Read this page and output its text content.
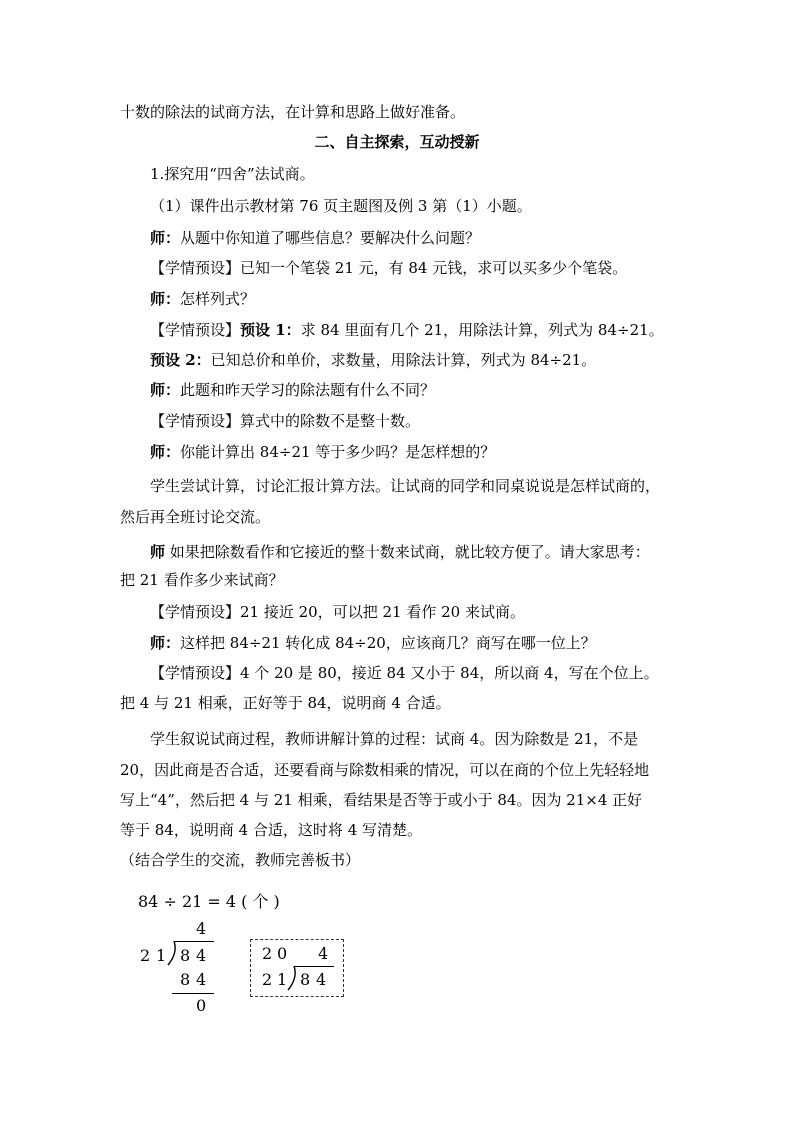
十数的除法的试商方法，在计算和思路上做好准备。
二、自主探索，互动授新
1.探究用“四舍”法试商。
（1）课件出示教材第 76 页主题图及例 3 第（1）小题。
师：从题中你知道了哪些信息？要解决什么问题？
【学情预设】已知一个笔袋 21 元，有 84 元钱，求可以买多少个笔袋。
师：怎样列式？
【学情预设】预设 1：求 84 里面有几个 21，用除法计算，列式为 84÷21。
预设 2：已知总价和单价，求数量，用除法计算，列式为 84÷21。
师：此题和昨天学习的除法题有什么不同？
【学情预设】算式中的除数不是整十数。
师：你能计算出 84÷21 等于多少吗？是怎样想的？
学生尝试计算，讨论汇报计算方法。让试商的同学和同桌说说是怎样试商的，
然后再全班讨论交流。
师 如果把除数看作和它接近的整十数来试商，就比较方便了。请大家思考：
把 21 看作多少来试商？
【学情预设】21 接近 20，可以把 21 看作 20 来试商。
师：这样把 84÷21 转化成 84÷20，应该商几？商写在哪一位上？
【学情预设】4 个 20 是 80，接近 84 又小于 84，所以商 4，写在个位上。
把 4 与 21 相乘，正好等于 84，说明商 4 合适。
学生叙说试商过程，教师讲解计算的过程：试商 4。因为除数是 21，不是
20，因此商是否合适，还要看商与除数相乘的情况，可以在商的个位上先轻轻地
写上“4”，然后把 4 与 21 相乘，看结果是否等于或小于 84。因为 21×4 正好
等于 84，说明商 4 合适，这时将 4 写清楚。
（结合学生的交流，教师完善板书）
84 ÷ 21 = 4 ( 个 )
4
2 1 8 4
8 4
0
2 0 4
2 1 8 4
